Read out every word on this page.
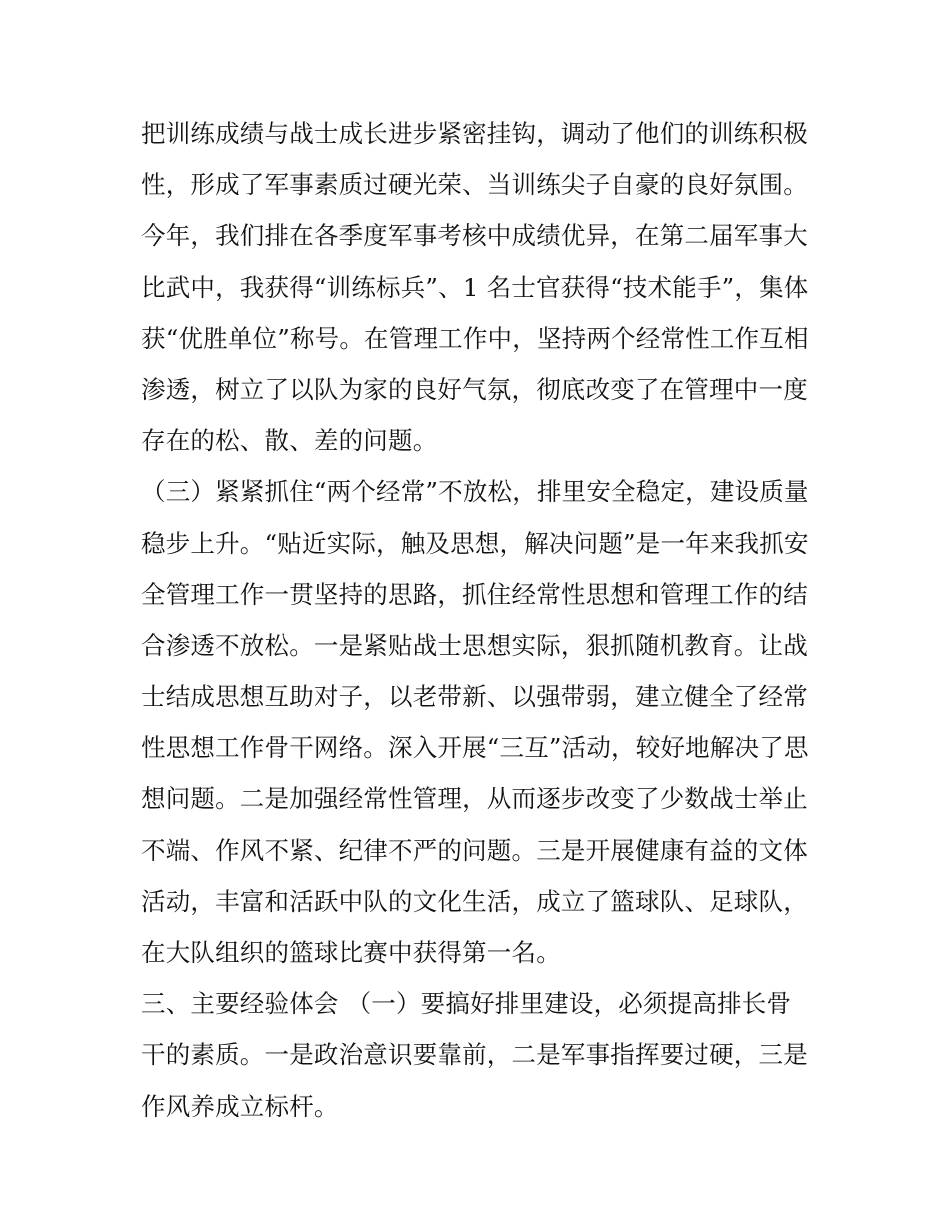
把训练成绩与战士成长进步紧密挂钩，调动了他们的训练积极
性，形成了军事素质过硬光荣、当训练尖子自豪的良好氛围。
今年，我们排在各季度军事考核中成绩优异，在第二届军事大
比武中，我获得“训练标兵”、1 名士官获得“技术能手”，集体
获“优胜单位”称号。在管理工作中，坚持两个经常性工作互相
渗透，树立了以队为家的良好气氛，彻底改变了在管理中一度
存在的松、散、差的问题。
（三）紧紧抓住“两个经常”不放松，排里安全稳定，建设质量
稳步上升。“贴近实际，触及思想，解决问题”是一年来我抓安
全管理工作一贯坚持的思路，抓住经常性思想和管理工作的结
合渗透不放松。一是紧贴战士思想实际，狠抓随机教育。让战
士结成思想互助对子，以老带新、以强带弱，建立健全了经常
性思想工作骨干网络。深入开展“三互”活动，较好地解决了思
想问题。二是加强经常性管理，从而逐步改变了少数战士举止
不端、作风不紧、纪律不严的问题。三是开展健康有益的文体
活动，丰富和活跃中队的文化生活，成立了篮球队、足球队，
在大队组织的篮球比赛中获得第一名。
三、主要经验体会 （一）要搞好排里建设，必须提高排长骨
干的素质。一是政治意识要靠前，二是军事指挥要过硬，三是
作风养成立标杆。
